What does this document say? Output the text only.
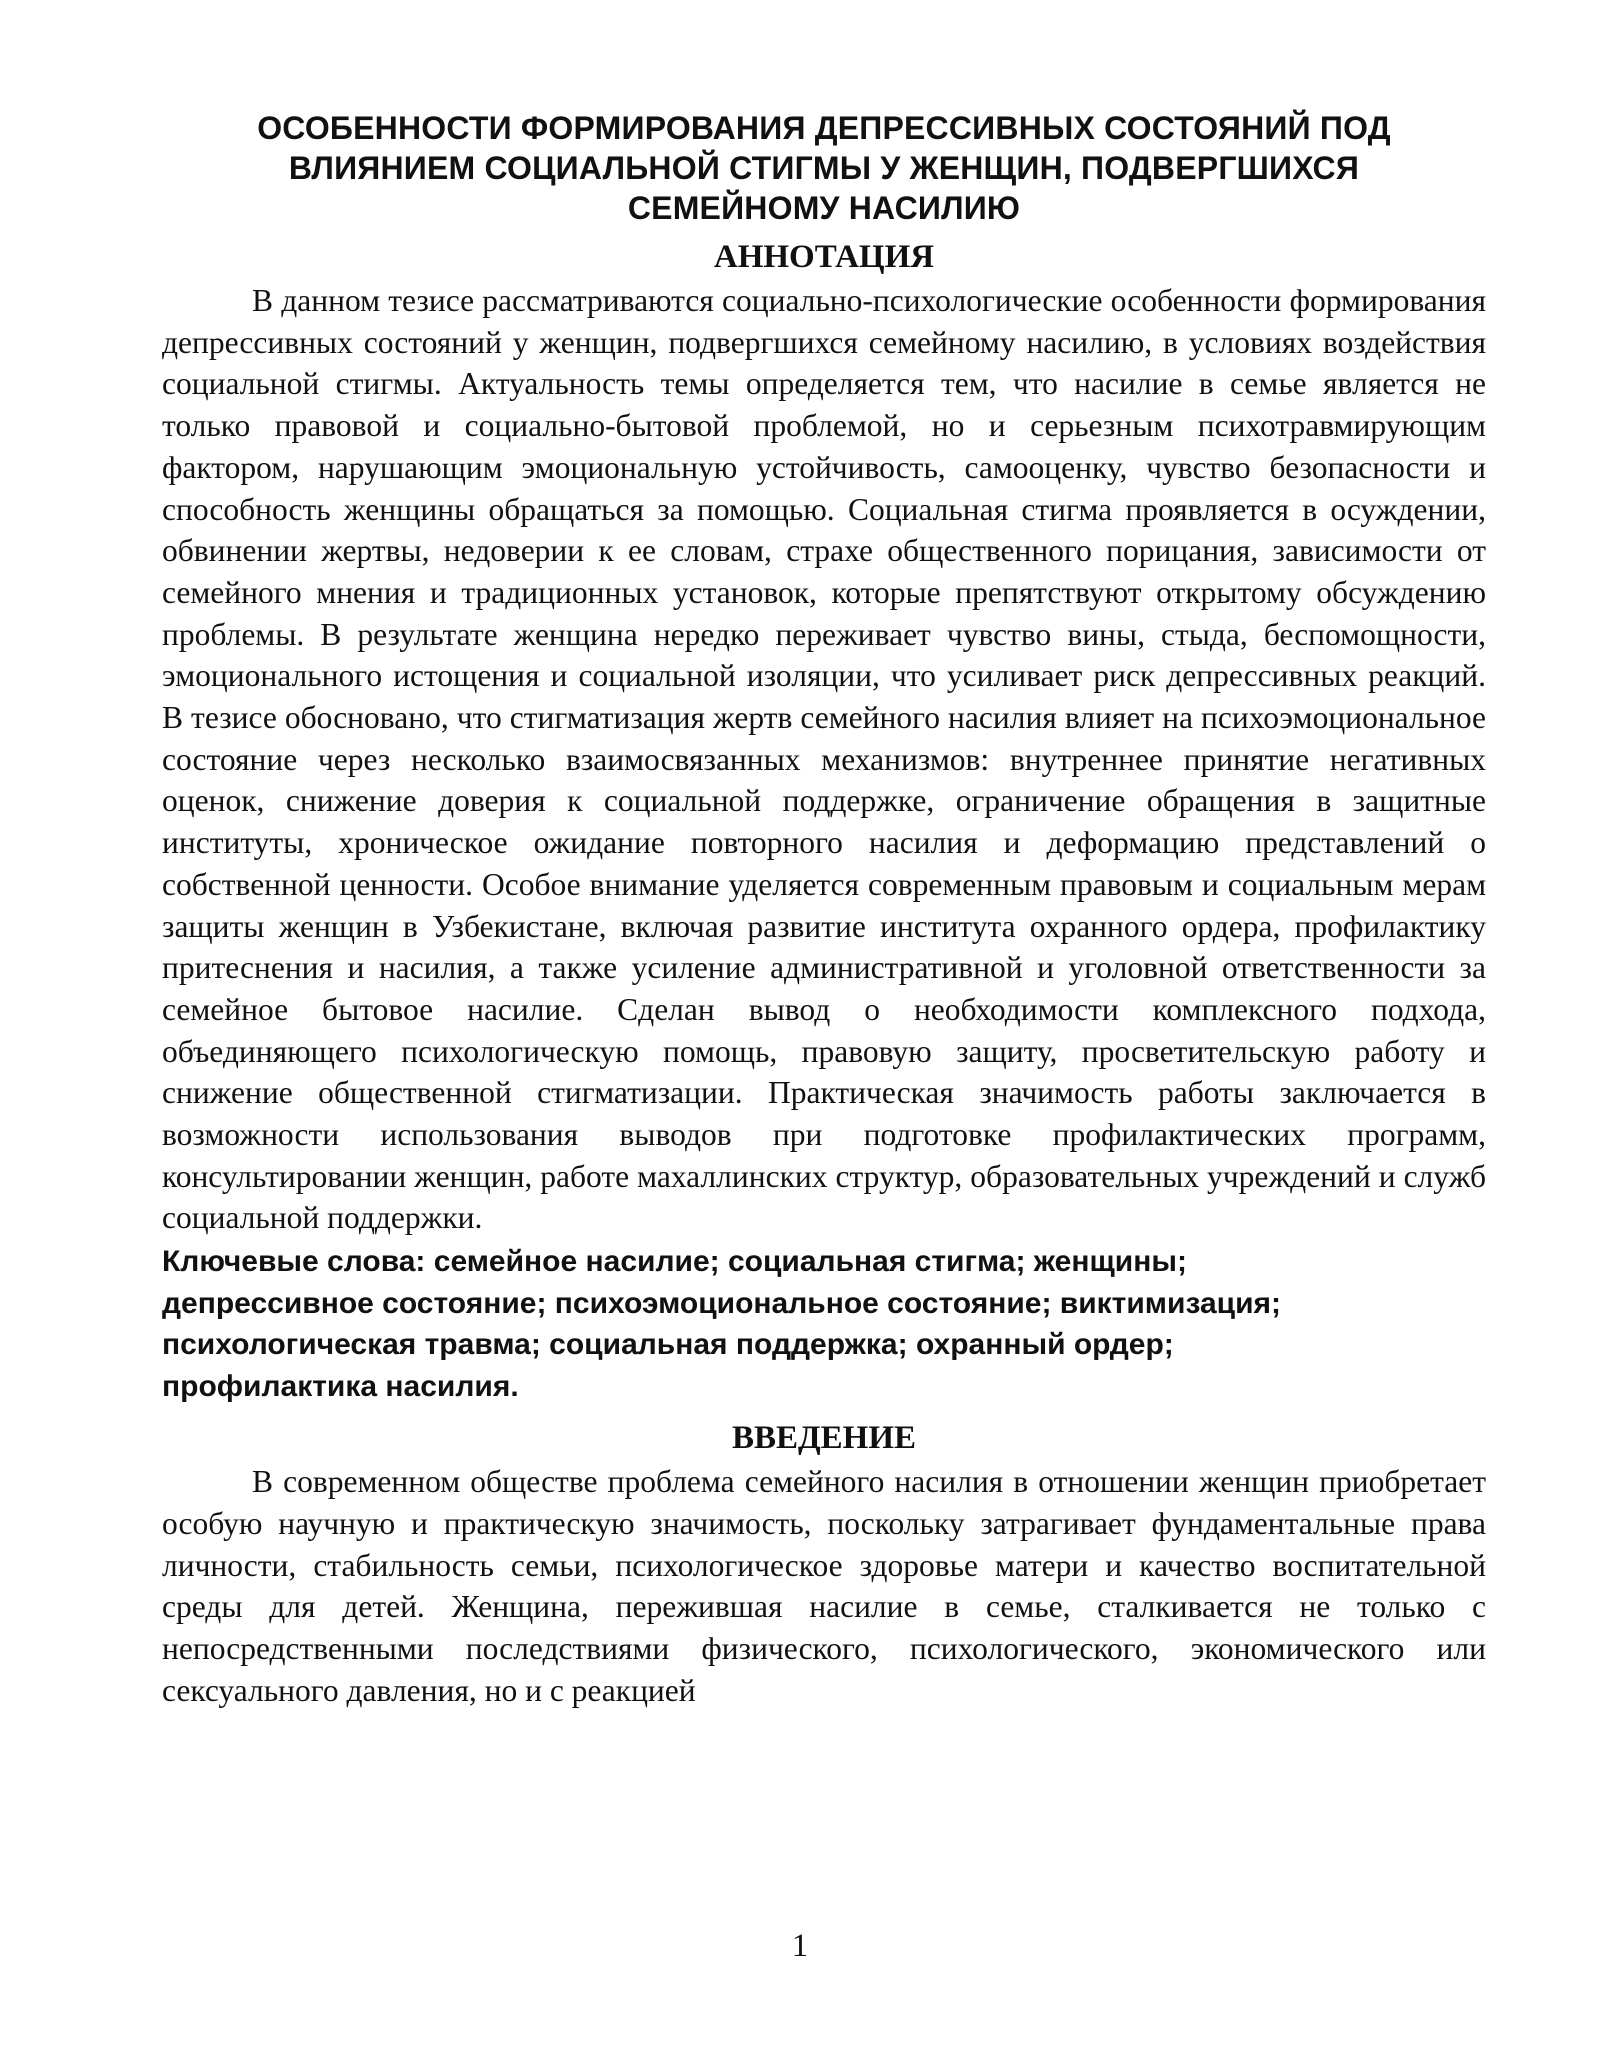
ОСОБЕННОСТИ ФОРМИРОВАНИЯ ДЕПРЕССИВНЫХ СОСТОЯНИЙ ПОД
ВЛИЯНИЕМ СОЦИАЛЬНОЙ СТИГМЫ У ЖЕНЩИН, ПОДВЕРГШИХСЯ
СЕМЕЙНОМУ НАСИЛИЮ
АННОТАЦИЯ

В данном тезисе рассматриваются социально-психологические особенности формирования депрессивных состояний у женщин, подвергшихся семейному насилию, в условиях воздействия социальной стигмы. Актуальность темы определяется тем, что насилие в семье является не только правовой и социально-бытовой проблемой, но и серьезным психотравмирующим фактором, нарушающим эмоциональную устойчивость, самооценку, чувство безопасности и способность женщины обращаться за помощью. Социальная стигма проявляется в осуждении, обвинении жертвы, недоверии к ее словам, страхе общественного порицания, зависимости от семейного мнения и традиционных установок, которые препятствуют открытому обсуждению проблемы. В результате женщина нередко переживает чувство вины, стыда, беспомощности, эмоционального истощения и социальной изоляции, что усиливает риск депрессивных реакций. В тезисе обосновано, что стигматизация жертв семейного насилия влияет на психоэмоциональное состояние через несколько взаимосвязанных механизмов: внутреннее принятие негативных оценок, снижение доверия к социальной поддержке, ограничение обращения в защитные институты, хроническое ожидание повторного насилия и деформацию представлений о собственной ценности. Особое внимание уделяется современным правовым и социальным мерам защиты женщин в Узбекистане, включая развитие института охранного ордера, профилактику притеснения и насилия, а также усиление административной и уголовной ответственности за семейное бытовое насилие. Сделан вывод о необходимости комплексного подхода, объединяющего психологическую помощь, правовую защиту, просветительскую работу и снижение общественной стигматизации. Практическая значимость работы заключается в возможности использования выводов при подготовке профилактических программ, консультировании женщин, работе махаллинских структур, образовательных учреждений и служб социальной поддержки.

Ключевые слова: семейное насилие; социальная стигма; женщины;
депрессивное состояние; психоэмоциональное состояние; виктимизация;
психологическая травма; социальная поддержка; охранный ордер;
профилактика насилия.
ВВЕДЕНИЕ

В современном обществе проблема семейного насилия в отношении женщин приобретает особую научную и практическую значимость, поскольку затрагивает фундаментальные права личности, стабильность семьи, психологическое здоровье матери и качество воспитательной среды для детей. Женщина, пережившая насилие в семье, сталкивается не только с непосредственными последствиями физического, психологического, экономического или сексуального давления, но и с реакцией

1
